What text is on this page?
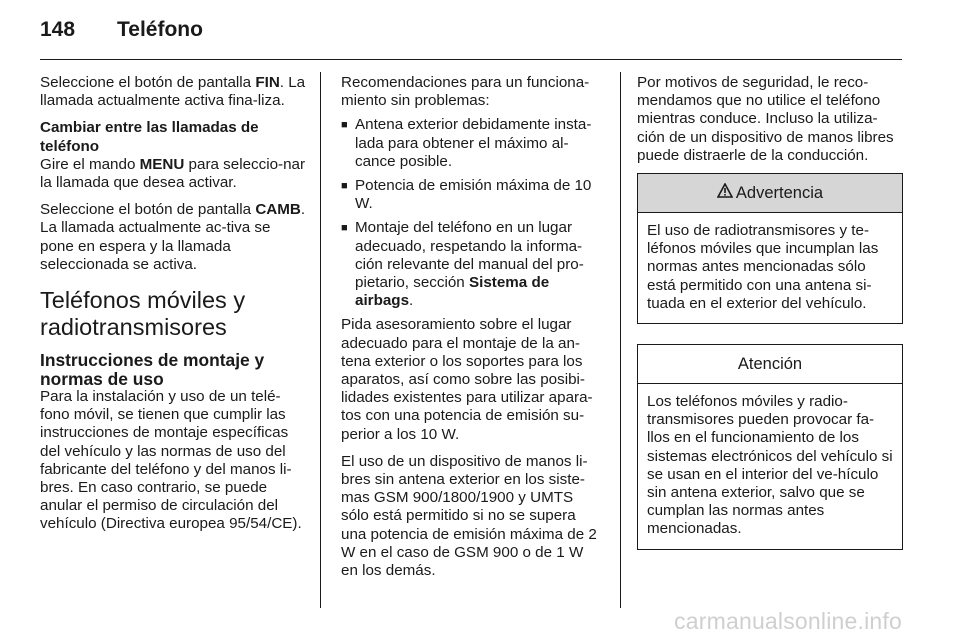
148 Teléfono

Seleccione el botón de pantalla FIN. La llamada actualmente activa fina-liza.

Cambiar entre las llamadas de teléfono

Gire el mando MENU para seleccio-nar la llamada que desea activar.

Seleccione el botón de pantalla CAMB. La llamada actualmente ac-tiva se pone en espera y la llamada seleccionada se activa.

Teléfonos móviles y radiotransmisores
Instrucciones de montaje y normas de uso

Para la instalación y uso de un telé-fono móvil, se tienen que cumplir las instrucciones de montaje específicas del vehículo y las normas de uso del fabricante del teléfono y del manos li-bres. En caso contrario, se puede anular el permiso de circulación del vehículo (Directiva europea 95/54/CE).

Recomendaciones para un funciona-miento sin problemas:

■ Antena exterior debidamente insta-lada para obtener el máximo al-cance posible.
■ Potencia de emisión máxima de 10 W.
■ Montaje del teléfono en un lugar adecuado, respetando la informa-ción relevante del manual del pro-pietario, sección Sistema de airbags.

Pida asesoramiento sobre el lugar adecuado para el montaje de la an-tena exterior o los soportes para los aparatos, así como sobre las posibi-lidades existentes para utilizar apara-tos con una potencia de emisión su-perior a los 10 W.

El uso de un dispositivo de manos li-bres sin antena exterior en los siste-mas GSM 900/1800/1900 y UMTS sólo está permitido si no se supera una potencia de emisión máxima de 2 W en el caso de GSM 900 o de 1 W en los demás.

Por motivos de seguridad, le reco-mendamos que no utilice el teléfono mientras conduce. Incluso la utiliza-ción de un dispositivo de manos libres puede distraerle de la conducción.

Advertencia
El uso de radiotransmisores y te-léfonos móviles que incumplan las normas antes mencionadas sólo está permitido con una antena si-tuada en el exterior del vehículo.
Atención
Los teléfonos móviles y radio-transmisores pueden provocar fa-llos en el funcionamiento de los sistemas electrónicos del vehículo si se usan en el interior del ve-hículo sin antena exterior, salvo que se cumplan las normas antes mencionadas.
carmanualsonline.info
